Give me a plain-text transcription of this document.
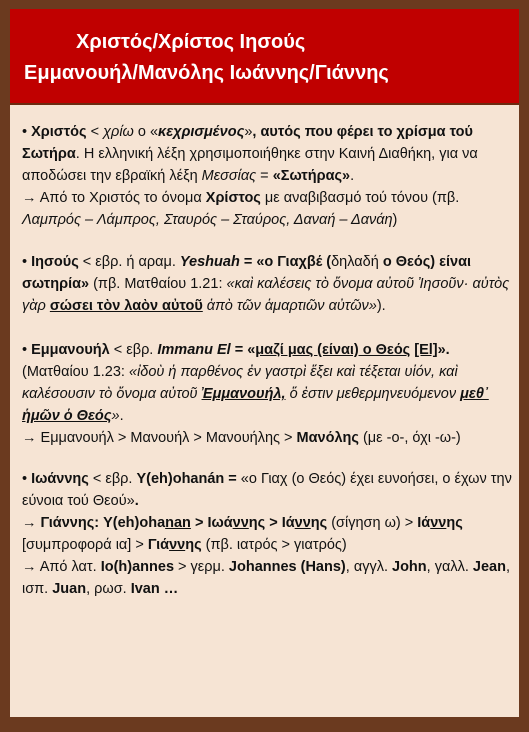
Χριστός/Χρίστος Ιησούς
Εμμανουήλ/Μανόλης Ιωάννης/Γιάννης

• Χριστός < χρίω ο «κεχρισμένος», αυτός που φέρει το χρίσμα τού Σωτήρα. Η ελληνική λέξη χρησιμοποιήθηκε στην Καινή Διαθήκη, για να αποδώσει την εβραϊκή λέξη Μεσσίας = «Σωτήρας».

→ Από το Χριστός το όνομα Χρίστος με αναβιβασμό τού τόνου (πβ. Λαμπρός – Λάμπρος, Σταυρός – Σταύρος, Δαναή – Δανάη)

• Ιησούς < εβρ. ή αραμ. Yeshuah = «ο Γιαχβέ (δηλαδή ο Θεός) είναι σωτηρία» (πβ. Ματθαίου 1.21: «καὶ καλέσεις τὸ ὄνομα αὐτοῦ Ἰησοῦν· αὐτὸς γὰρ σώσει τὸν λαὸν αὐτοῦ ἀπὸ τῶν ἁμαρτιῶν αὐτῶν»).

• Εμμανουήλ < εβρ. Immanu El = «μαζί μας (είναι) ο Θεός [El]». (Ματθαίου 1.23: «ἰδοὺ ἡ παρθένος ἐν γαστρὶ ἕξει καὶ τέξεται υἱόν, καὶ καλέσουσιν τὸ ὄνομα αὐτοῦ Ἐμμανουήλ, ὅ ἐστιν μεθερμηνευόμενον μεθ᾽ ἡμῶν ὁ Θεός».

→ Εμμανουήλ > Μανουήλ > Μανουήλης > Μανόλης (με -ο-, όχι -ω-)

• Ιωάννης < εβρ. Y(eh)ohanán = «ο Γιαχ (ο Θεός) έχει ευνοήσει, ο έχων την εύνοια τού Θεού».

→ Γιάννης: Y(eh)ohanan > Ιωάννης > Ιάννης (σίγηση ω) > Ιάννης [συμπροφορά ια] > Γιάννης (πβ. ιατρός > γιατρός)

→ Από λατ. Io(h)annes > γερμ. Johannes (Hans), αγγλ. John, γαλλ. Jean, ισπ. Juan, ρωσ. Ivan …
